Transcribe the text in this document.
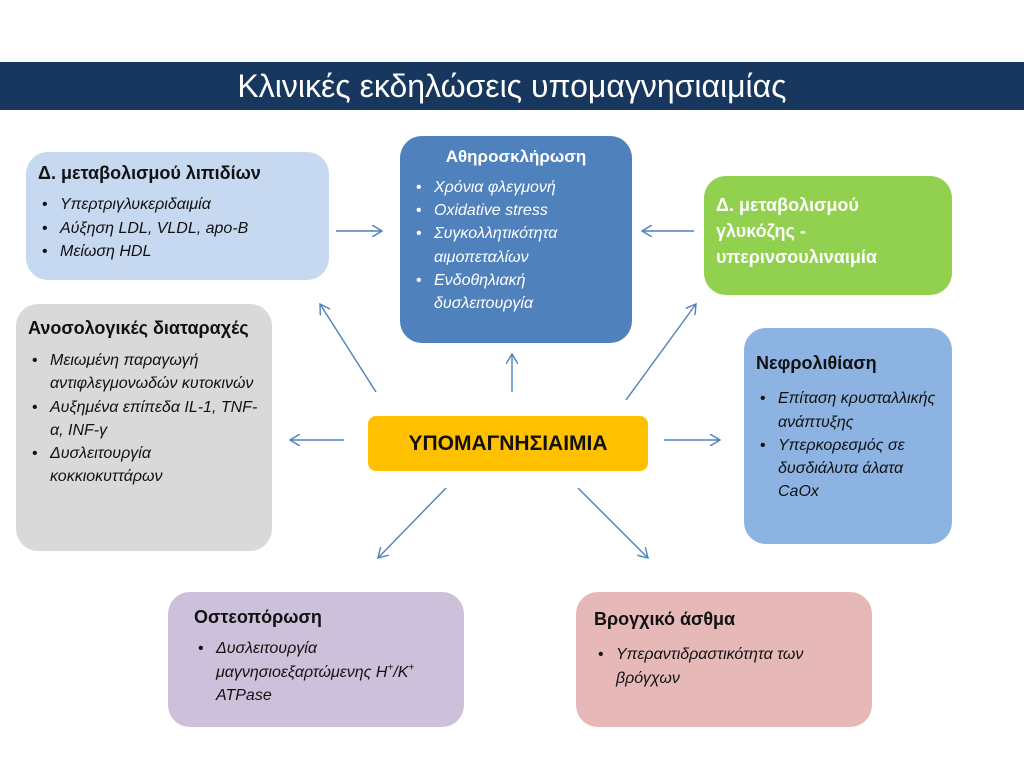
Κλινικές εκδηλώσεις υπομαγνησιαιμίας
Δ. μεταβολισμού λιπιδίων
• Υπερτριγλυκεριδαιμία
• Αύξηση LDL, VLDL, apo-B
• Μείωση HDL
Αθηροσκλήρωση
• Χρόνια φλεγμονή
• Oxidative stress
• Συγκολλητικότητα αιμοπεταλίων
• Ενδοθηλιακή δυσλειτουργία
Δ. μεταβολισμού γλυκόζης - υπερινσουλιναιμία
Ανοσολογικές διαταραχές
• Μειωμένη παραγωγή αντιφλεγμονωδών κυτοκινών
• Αυξημένα επίπεδα IL-1, TNF-α, INF-γ
• Δυσλειτουργία κοκκιοκυττάρων
Νεφρολιθίαση
• Επίταση κρυσταλλικής ανάπτυξης
• Υπερκορεσμός σε δυσδιάλυτα άλατα CaOx
ΥΠΟΜΑΓΝΗΣΙΑΙΜΙΑ
Οστεοπόρωση
• Δυσλειτουργία μαγνησιοεξαρτώμενης H+/K+ ATPase
Βρογχικό άσθμα
• Υπεραντιδραστικότητα των βρόγχων
